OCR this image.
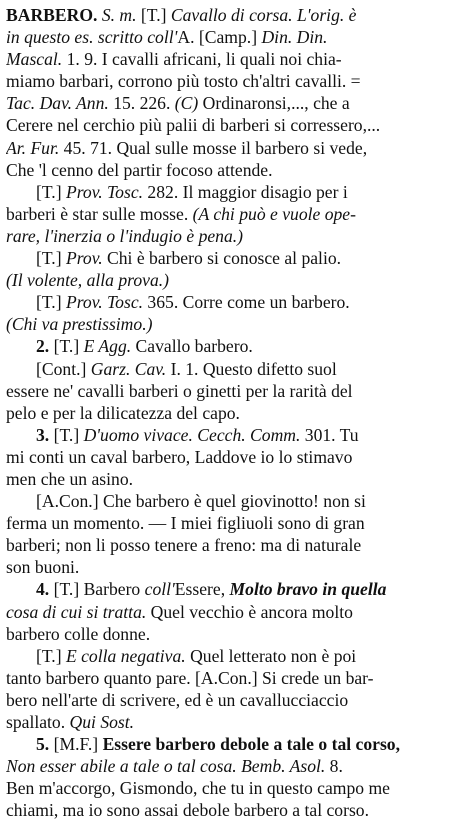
BARBERO. S. m. [T.] Cavallo di corsa. L'orig. è
in questo es. scritto coll'A. [Camp.] Din. Din.
Mascal. 1. 9. I cavalli africani, li quali noi chia-
miamo barbari, corrono più tosto ch'altri cavalli. =
Tac. Dav. Ann. 15. 226. (C) Ordinaronsi,..., che a
Cerere nel cerchio più palii di barberi si corressero,...
Ar. Fur. 45. 71. Qual sulle mosse il barbero si vede,
Che 'l cenno del partir focoso attende.
[T.] Prov. Tosc. 282. Il maggior disagio per i
barberi è star sulle mosse. (A chi può e vuole ope-
rare, l'inerzia o l'indugio è pena.)
[T.] Prov. Chi è barbero si conosce al palio.
(Il volente, alla prova.)
[T.] Prov. Tosc. 365. Corre come un barbero.
(Chi va prestissimo.)
2. [T.] E Agg. Cavallo barbero.
[Cont.] Garz. Cav. I. 1. Questo difetto suol
essere ne' cavalli barberi o ginetti per la rarità del
pelo e per la dilicatezza del capo.
3. [T.] D'uomo vivace. Cecch. Comm. 301. Tu
mi conti un caval barbero, Laddove io lo stimavo
men che un asino.
[A.Con.] Che barbero è quel giovinotto! non si
ferma un momento. — I miei figliuoli sono di gran
barberi; non li posso tenere a freno: ma di naturale
son buoni.
4. [T.] Barbero coll'Essere, Molto bravo in quella
cosa di cui si tratta. Quel vecchio è ancora molto
barbero colle donne.
[T.] E colla negativa. Quel letterato non è poi
tanto barbero quanto pare. [A.Con.] Si crede un bar-
bero nell'arte di scrivere, ed è un cavallucciaccio
spallato. Qui Sost.
5. [M.F.] Essere barbero debole a tale o tal corso,
Non esser abile a tale o tal cosa. Bemb. Asol. 8.
Ben m'accorgo, Gismondo, che tu in questo campo me
chiami, ma io sono assai debole barbero a tal corso.
